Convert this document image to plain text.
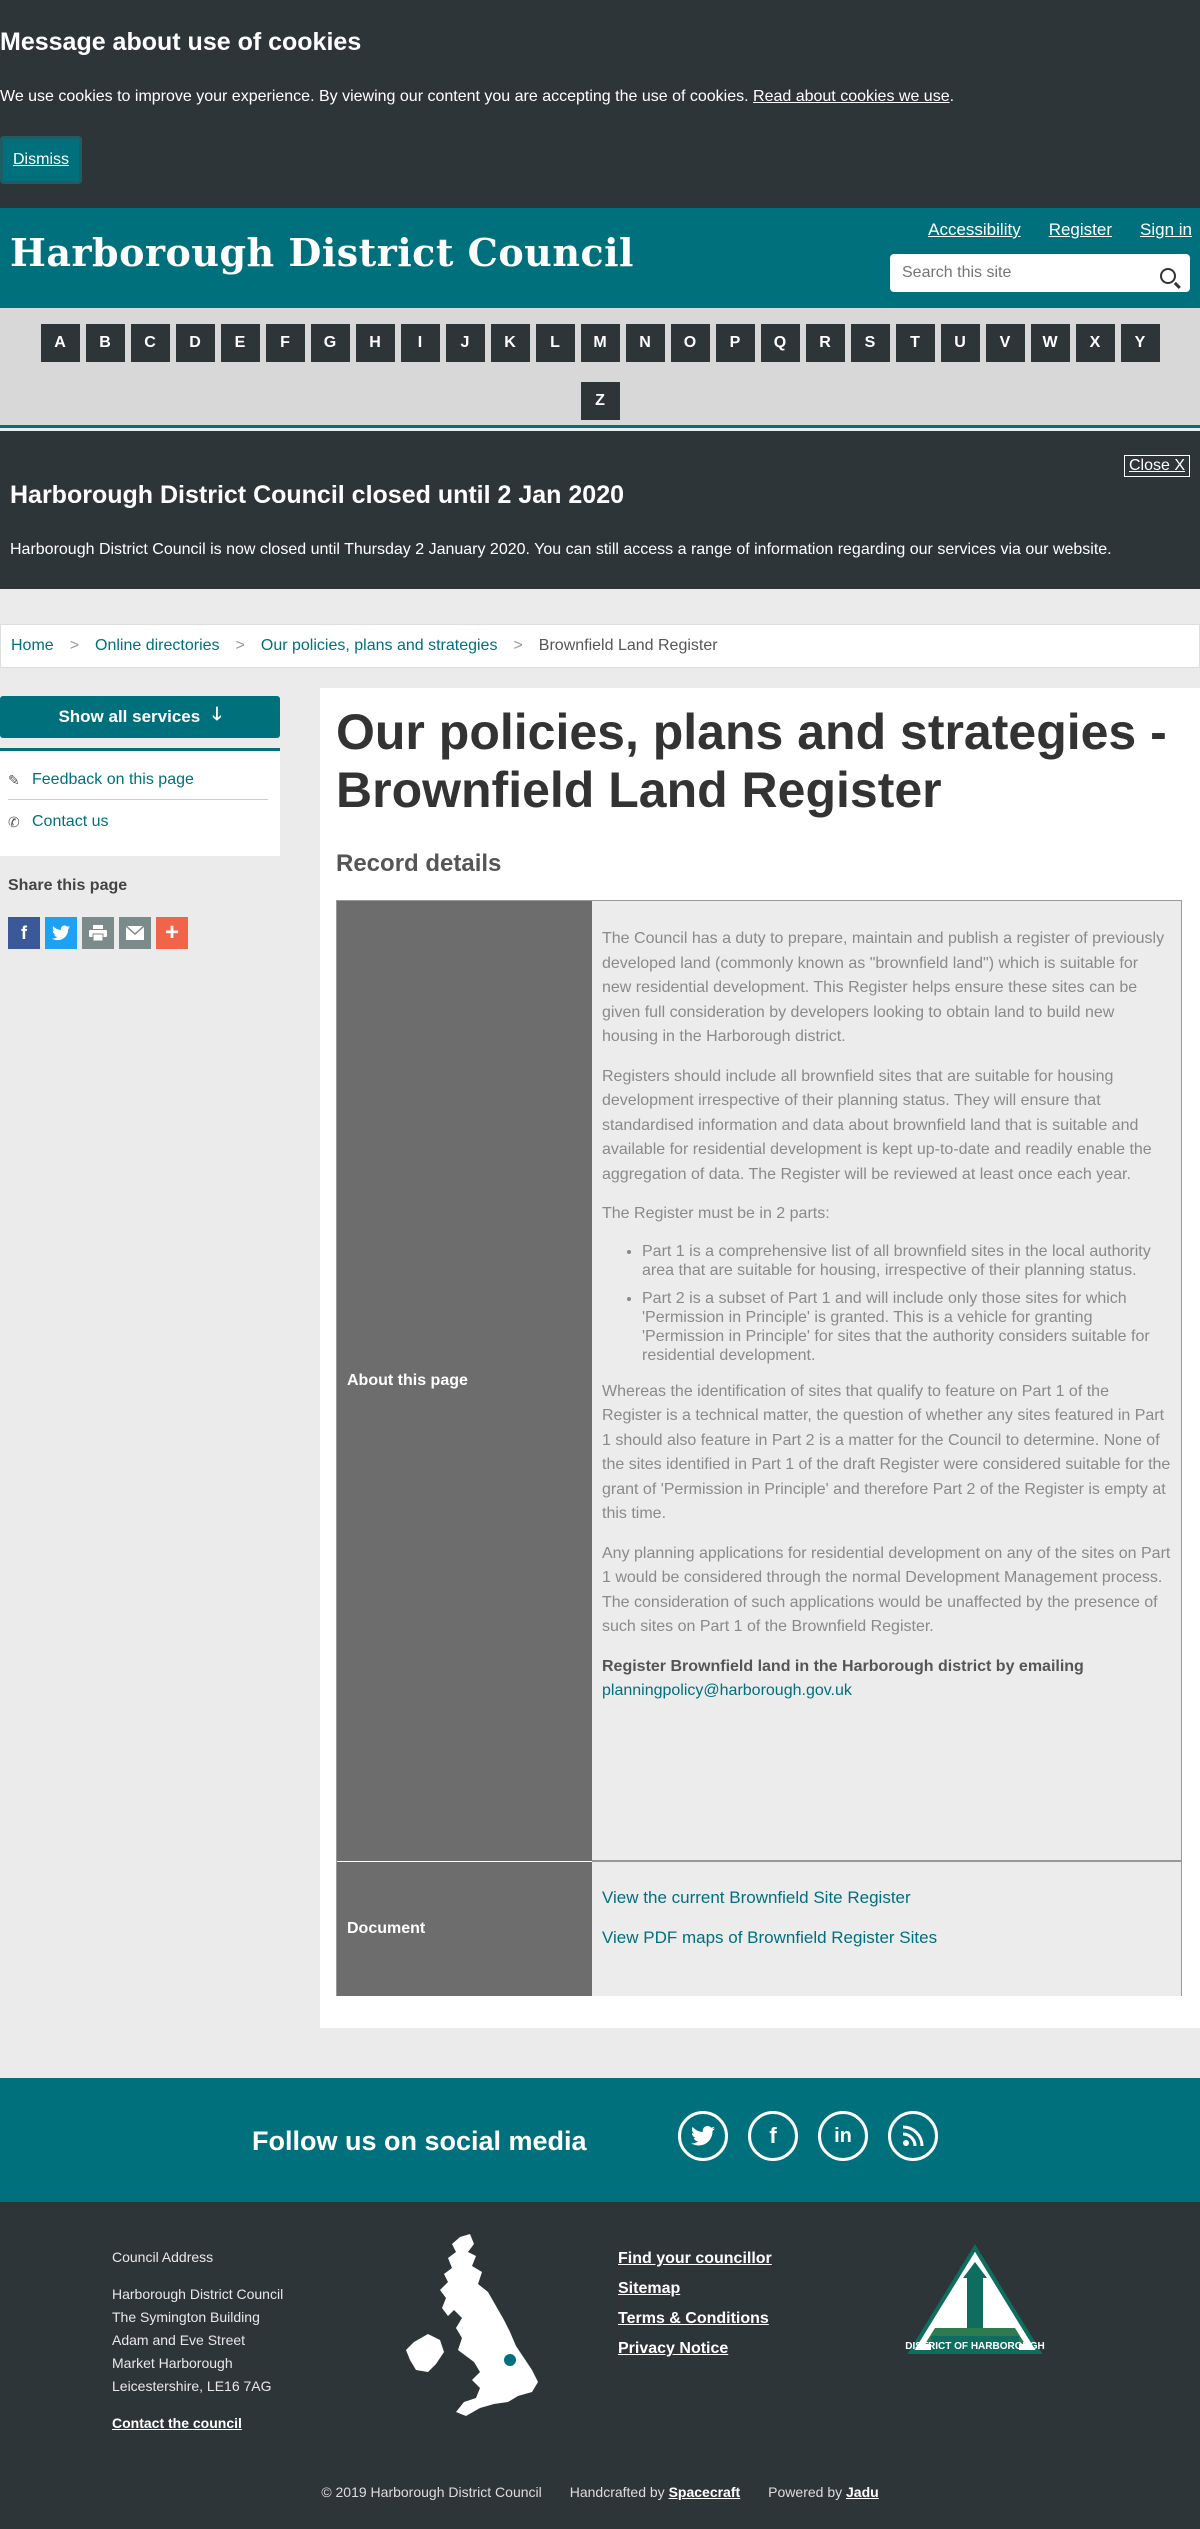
Message about use of cookies

We use cookies to improve your experience. By viewing our content you are accepting the use of cookies. Read about cookies we use.

Dismiss
Harborough District Council
Accessibility Register Sign in
Search this site
A	B	C	D	E	F	G	H	I	J	K	L	M	N	O	P	Q	R	S	T	U	V	W	X	Y
Z
Close X
Harborough District Council closed until 2 Jan 2020

Harborough District Council is now closed until Thursday 2 January 2020. You can still access a range of information regarding our services via our website.

Home > Online directories > Our policies, plans and strategies > Brownfield Land Register
Show all services 🡓
✎ Feedback on this page
✆ Contact us
Share this page
f	+
Our policies, plans and strategies - Brownfield Land Register
Record details
About this page

The Council has a duty to prepare, maintain and publish a register of previously developed land (commonly known as "brownfield land") which is suitable for new residential development. This Register helps ensure these sites can be given full consideration by developers looking to obtain land to build new housing in the Harborough district.

Registers should include all brownfield sites that are suitable for housing development irrespective of their planning status. They will ensure that standardised information and data about brownfield land that is suitable and available for residential development is kept up-to-date and readily enable the aggregation of data. The Register will be reviewed at least once each year.

The Register must be in 2 parts:

• Part 1 is a comprehensive list of all brownfield sites in the local authority area that are suitable for housing, irrespective of their planning status.
• Part 2 is a subset of Part 1 and will include only those sites for which 'Permission in Principle' is granted. This is a vehicle for granting 'Permission in Principle' for sites that the authority considers suitable for residential development.

Whereas the identification of sites that qualify to feature on Part 1 of the Register is a technical matter, the question of whether any sites featured in Part 1 should also feature in Part 2 is a matter for the Council to determine. None of the sites identified in Part 1 of the draft Register were considered suitable for the grant of 'Permission in Principle' and therefore Part 2 of the Register is empty at this time.

Any planning applications for residential development on any of the sites on Part 1 would be considered through the normal Development Management process. The consideration of such applications would be unaffected by the presence of such sites on Part 1 of the Brownfield Register.

Register Brownfield land in the Harborough district by emailing
planningpolicy@harborough.gov.uk

Document
View the current Brownfield Site Register
View PDF maps of Brownfield Register Sites
Follow us on social media	f	in
Council Address
Harborough District Council
The Symington Building
Adam and Eve Street
Market Harborough
Leicestershire, LE16 7AG
Contact the council
Find your councillor
Sitemap
Terms & Conditions
Privacy Notice	DISTRICT OF HARBOROUGH
© 2019 Harborough District Council Handcrafted by Spacecraft Powered by Jadu
